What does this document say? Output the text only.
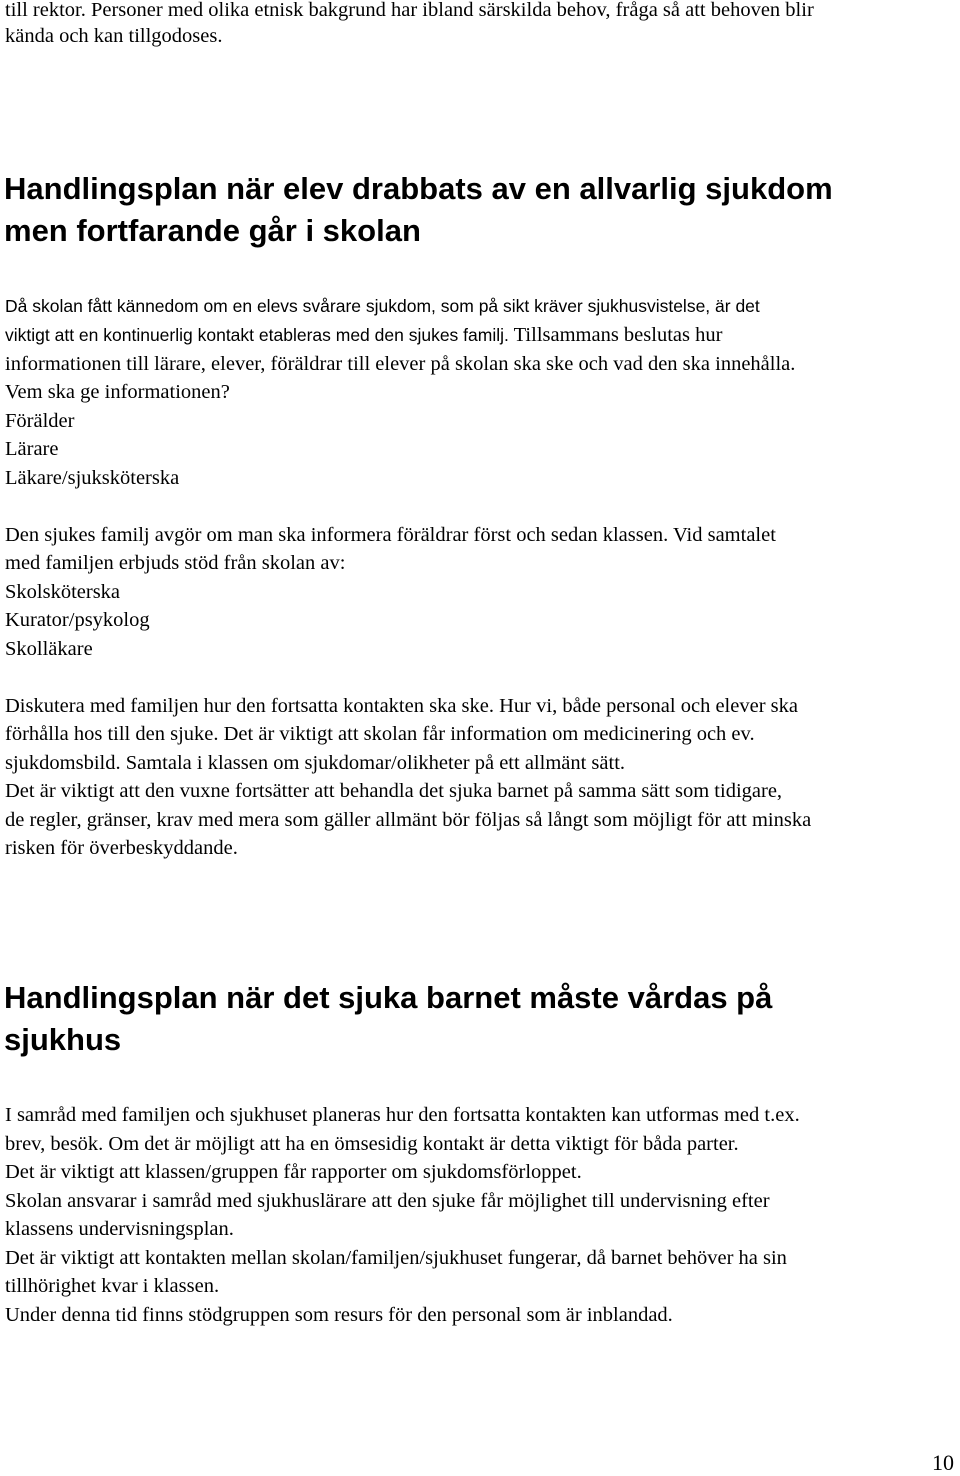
till rektor. Personer med olika etnisk bakgrund har ibland särskilda behov, fråga så att behoven blir

kända och kan tillgodoses.

Handlingsplan när elev drabbats av en allvarlig sjukdom
men fortfarande går i skolan

Då skolan fått kännedom om en elevs svårare sjukdom, som på sikt kräver sjukhusvistelse, är det

viktigt att en kontinuerlig kontakt etableras med den sjukes familj. Tillsammans beslutas hur

informationen till lärare, elever, föräldrar till elever på skolan ska ske och vad den ska innehålla.

Vem ska ge informationen?

Förälder

Lärare

Läkare/sjuksköterska

Den sjukes familj avgör om man ska informera föräldrar först och sedan klassen. Vid samtalet

med familjen erbjuds stöd från skolan av:

Skolsköterska

Kurator/psykolog

Skolläkare

Diskutera med familjen hur den fortsatta kontakten ska ske. Hur vi, både personal och elever ska

förhålla hos till den sjuke. Det är viktigt att skolan får information om medicinering och ev.

sjukdomsbild. Samtala i klassen om sjukdomar/olikheter på ett allmänt sätt.

Det är viktigt att den vuxne fortsätter att behandla det sjuka barnet på samma sätt som tidigare,

de regler, gränser, krav med mera som gäller allmänt bör följas så långt som möjligt för att minska

risken för överbeskyddande.

Handlingsplan när det sjuka barnet måste vårdas på
sjukhus

I samråd med familjen och sjukhuset planeras hur den fortsatta kontakten kan utformas med t.ex.

brev, besök. Om det är möjligt att ha en ömsesidig kontakt är detta viktigt för båda parter.

Det är viktigt att klassen/gruppen får rapporter om sjukdomsförloppet.

Skolan ansvarar i samråd med sjukhuslärare att den sjuke får möjlighet till undervisning efter

klassens undervisningsplan.

Det är viktigt att kontakten mellan skolan/familjen/sjukhuset fungerar, då barnet behöver ha sin

tillhörighet kvar i klassen.

Under denna tid finns stödgruppen som resurs för den personal som är inblandad.

10
